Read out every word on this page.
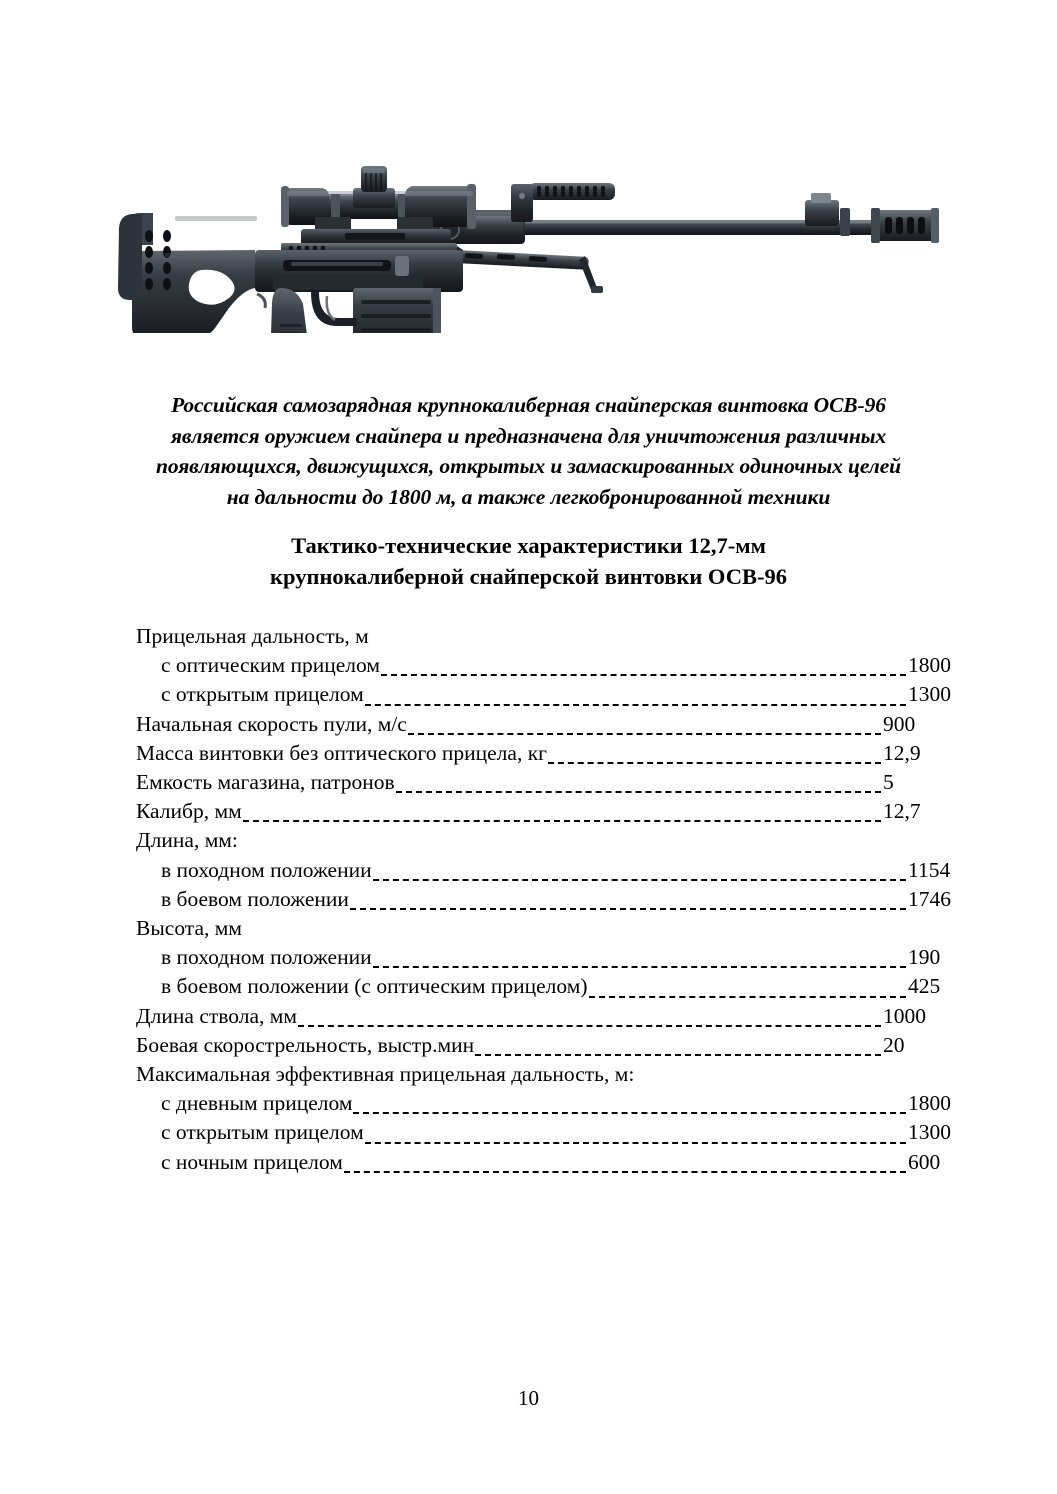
Российская самозарядная крупнокалиберная снайперская винтовка ОСВ-96

является оружием снайпера и предназначена для уничтожения различных

появляющихся, движущихся, открытых и замаскированных одиночных целей

на дальности до 1800 м, а также легкобронированной техники

Тактико-технические характеристики 12,7-мм
крупнокалиберной снайперской винтовки ОСВ-96
Прицельная дальность, м
с оптическим прицелом	1800
с открытым прицелом	1300
Начальная скорость пули, м/с	900
Масса винтовки без оптического прицела, кг	12,9
Емкость магазина, патронов	5
Калибр, мм	12,7
Длина, мм:
в походном положении	1154
в боевом положении	1746
Высота, мм
в походном положении	190
в боевом положении (с оптическим прицелом)	425
Длина ствола, мм	1000
Боевая скорострельность, выстр.мин	20
Максимальная эффективная прицельная дальность, м:
с дневным прицелом	1800
с открытым прицелом	1300
с ночным прицелом	600
10
